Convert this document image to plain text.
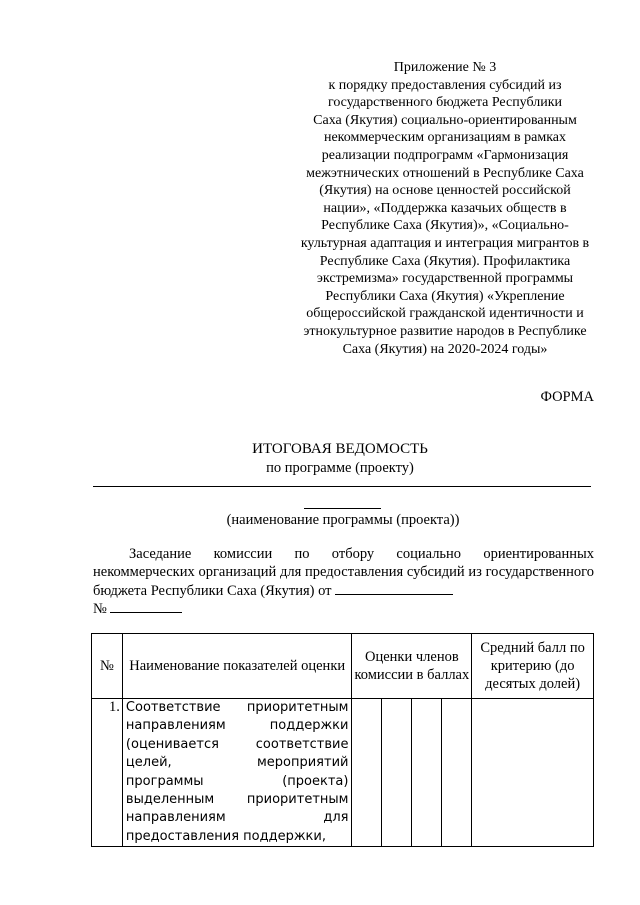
Приложение № 3
к порядку предоставления субсидий из
государственного бюджета Республики
Саха (Якутия) социально-ориентированным
некоммерческим организациям в рамках
реализации подпрограмм «Гармонизация
межэтнических отношений в Республике Саха
(Якутия) на основе ценностей российской
нации», «Поддержка казачьих обществ в
Республике Саха (Якутия)», «Социально-
культурная адаптация и интеграция мигрантов в
Республике Саха (Якутия). Профилактика
экстремизма» государственной программы
Республики Саха (Якутия) «Укрепление
общероссийской гражданской идентичности и
этнокультурное развитие народов в Республике
Саха (Якутия) на 2020-2024 годы»
ФОРМА
ИТОГОВАЯ ВЕДОМОСТЬ
по программе (проекту)
(наименование программы (проекта))
Заседание комиссии по отбору социально ориентированных некоммерческих организаций для предоставления субсидий из государственного бюджета Республики Саха (Якутия) от
№
№	Наименование показателей оценки	Оценки членов комиссии в баллах				Средний балл по критерию (до десятых долей)
1.	Соответствие приоритетным направлениям поддержки (оценивается соответствие целей, мероприятий программы (проекта) выделенным приоритетным направлениям для предоставления поддержки,					
